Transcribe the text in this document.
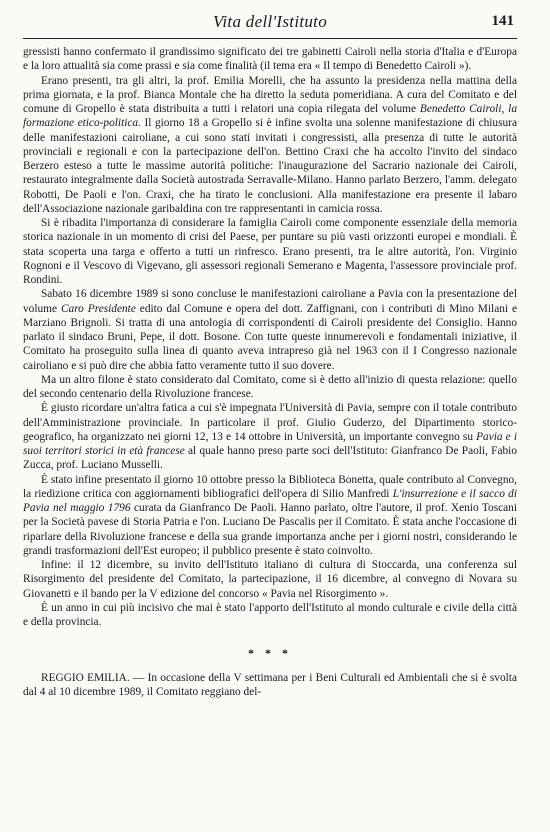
Vita dell'Istituto	141

gressisti hanno confermato il grandissimo significato dei tre gabinetti Cairoli nella storia d'Italia e d'Europa e la loro attualità sia come prassi e sia come finalità (il tema era « Il tempo di Benedetto Cairoli »).

Erano presenti, tra gli altri, la prof. Emilia Morelli, che ha assunto la presidenza nella mattina della prima giornata, e la prof. Bianca Montale che ha diretto la seduta pomeridiana. A cura del Comitato e del comune di Gropello è stata distribuita a tutti i relatori una copia rilegata del volume Benedetto Cairoli, la formazione etico-politica. Il giorno 18 a Gropello si è infine svolta una solenne manifestazione di chiusura delle manifestazioni cairoliane, a cui sono stati invitati i congressisti, alla presenza di tutte le autorità provinciali e regionali e con la partecipazione dell'on. Bettino Craxi che ha accolto l'invito del sindaco Berzero esteso a tutte le massime autorità politiche: l'inaugurazione del Sacrario nazionale dei Cairoli, restaurato integralmente dalla Società autostrada Serravalle-Milano. Hanno parlato Berzero, l'amm. delegato Robotti, De Paoli e l'on. Craxi, che ha tirato le conclusioni. Alla manifestazione era presente il labaro dell'Associazione nazionale garibaldina con tre rappresentanti in camicia rossa.

Si è ribadita l'importanza di considerare la famiglia Cairoli come componente essenziale della memoria storica nazionale in un momento di crisi del Paese, per puntare su più vasti orizzonti europei e mondiali. È stata scoperta una targa e offerto a tutti un rinfresco. Erano presenti, tra le altre autorità, l'on. Virginio Rognoni e il Vescovo di Vigevano, gli assessori regionali Semerano e Magenta, l'assessore provinciale prof. Rondini.

Sabato 16 dicembre 1989 si sono concluse le manifestazioni cairoliane a Pavia con la presentazione del volume Caro Presidente edito dal Comune e opera del dott. Zaffignani, con i contributi di Mino Milani e Marziano Brignoli. Si tratta di una antologia di corrispondenti di Cairoli presidente del Consiglio. Hanno parlato il sindaco Bruni, Pepe, il dott. Bosone. Con tutte queste innumerevoli e fondamentali iniziative, il Comitato ha proseguito sulla linea di quanto aveva intrapreso già nel 1963 con il I Congresso nazionale cairoliano e si può dire che abbia fatto veramente tutto il suo dovere.

Ma un altro filone è stato considerato dal Comitato, come si è detto all'inizio di questa relazione: quello del secondo centenario della Rivoluzione francese.

È giusto ricordare un'altra fatica a cui s'è impegnata l'Università di Pavia, sempre con il totale contributo dell'Amministrazione provinciale. In particolare il prof. Giulio Guderzo, del Dipartimento storico-geografico, ha organizzato nei giorni 12, 13 e 14 ottobre in Università, un importante convegno su Pavia e i suoi territori storici in età francese al quale hanno preso parte soci dell'Istituto: Gianfranco De Paoli, Fabio Zucca, prof. Luciano Musselli.

È stato infine presentato il giorno 10 ottobre presso la Biblioteca Bonetta, quale contributo al Convegno, la riedizione critica con aggiornamenti bibliografici dell'opera di Silio Manfredi L'insurrezione e il sacco di Pavia nel maggio 1796 curata da Gianfranco De Paoli. Hanno parlato, oltre l'autore, il prof. Xenio Toscani per la Società pavese di Storia Patria e l'on. Luciano De Pascalis per il Comitato. È stata anche l'occasione di riparlare della Rivoluzione francese e della sua grande importanza anche per i giorni nostri, considerando le grandi trasformazioni dell'Est europeo; il pubblico presente è stato coinvolto.

Infine: il 12 dicembre, su invito dell'Istituto italiano di cultura di Stoccarda, una conferenza sul Risorgimento del presidente del Comitato, la partecipazione, il 16 dicembre, al convegno di Novara su Giovanetti e il bando per la V edizione del concorso « Pavia nel Risorgimento ».

È un anno in cui più incisivo che mai è stato l'apporto dell'Istituto al mondo culturale e civile della città e della provincia.

* * *

REGGIO EMILIA. — In occasione della V settimana per i Beni Culturali ed Ambientali che si è svolta dal 4 al 10 dicembre 1989, il Comitato reggiano del-
